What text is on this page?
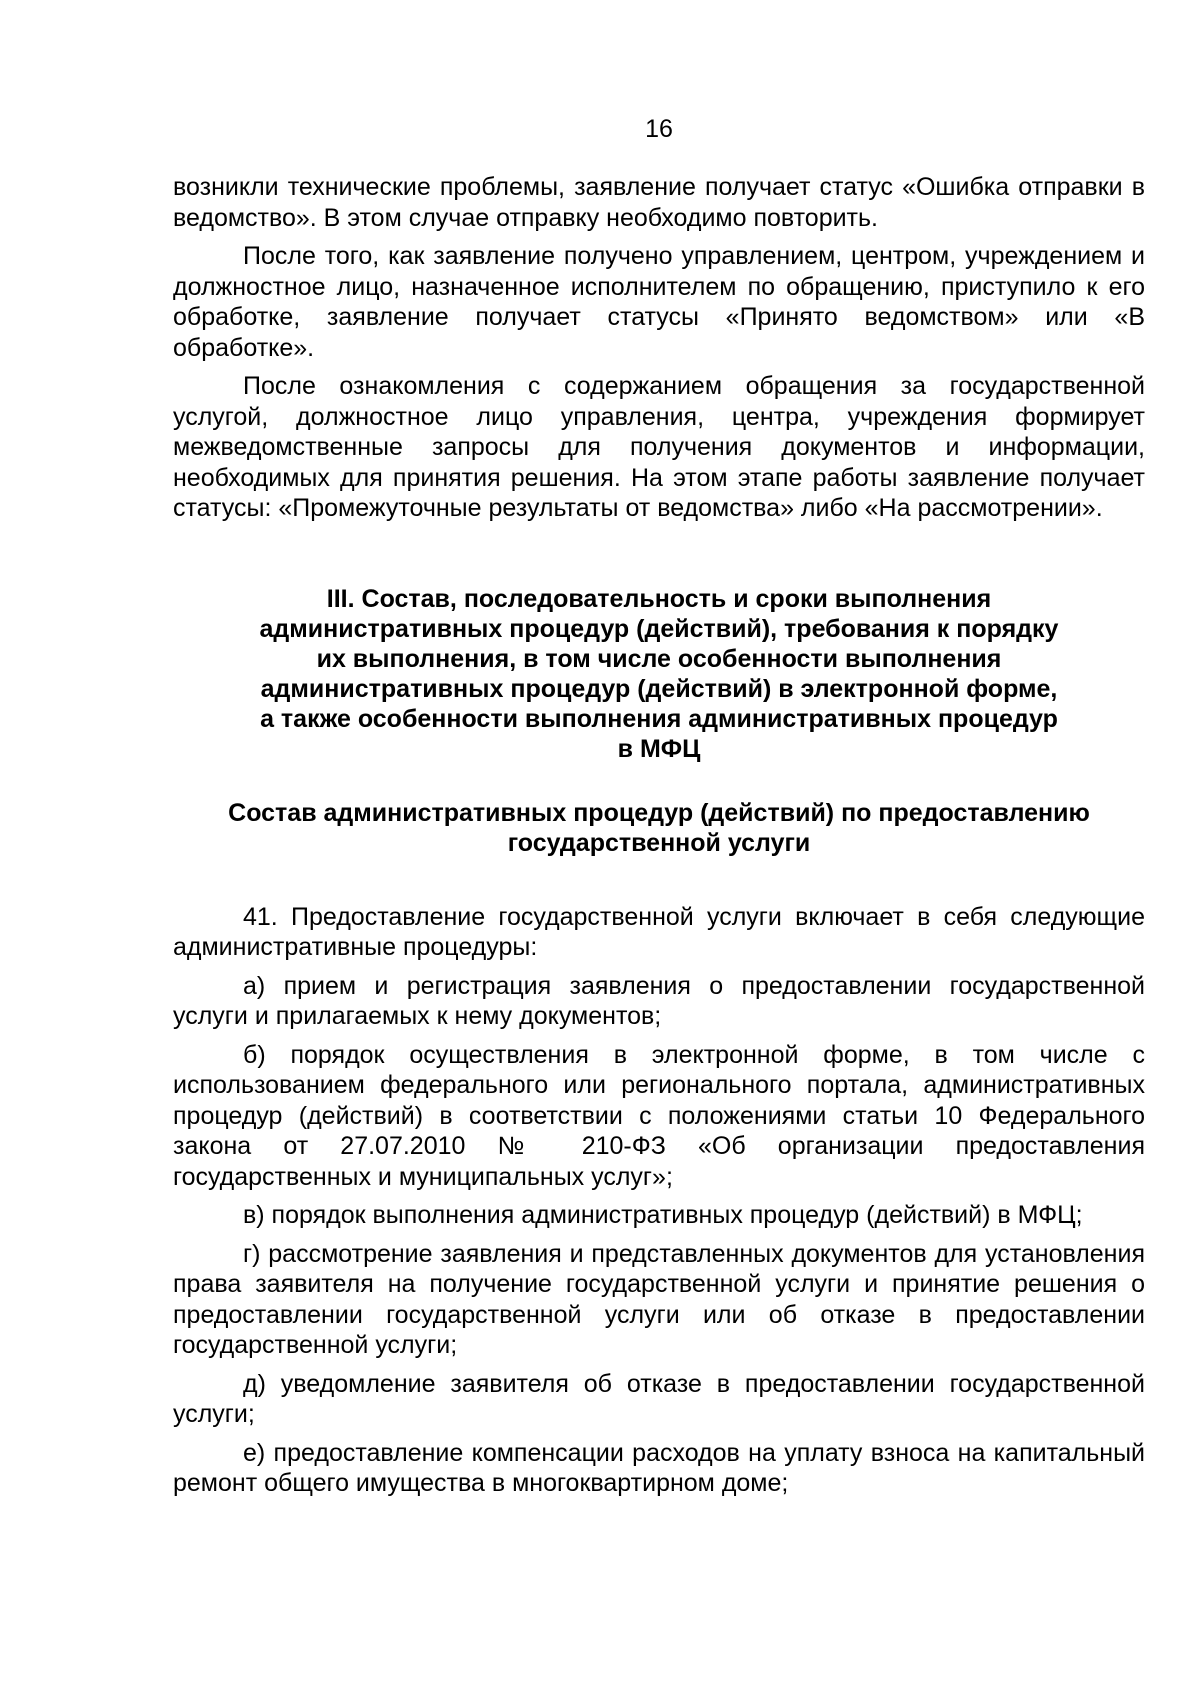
16

возникли технические проблемы, заявление получает статус «Ошибка отправки в ведомство». В этом случае отправку необходимо повторить.

После того, как заявление получено управлением, центром, учреждением и должностное лицо, назначенное исполнителем по обращению, приступило к его обработке, заявление получает статусы «Принято ведомством» или «В обработке».

После ознакомления с содержанием обращения за государственной услугой, должностное лицо управления, центра, учреждения формирует межведомственные запросы для получения документов и информации, необходимых для принятия решения. На этом этапе работы заявление получает статусы: «Промежуточные результаты от ведомства» либо «На рассмотрении».

III. Состав, последовательность и сроки выполнения

административных процедур (действий), требования к порядку

их выполнения, в том числе особенности выполнения

административных процедур (действий) в электронной форме,

а также особенности выполнения административных процедур

в МФЦ

Состав административных процедур (действий) по предоставлению

государственной услуги

41. Предоставление государственной услуги включает в себя следующие административные процедуры:

а) прием и регистрация заявления о предоставлении государственной услуги и прилагаемых к нему документов;

б) порядок осуществления в электронной форме, в том числе с использованием федерального или регионального портала, административных процедур (действий) в соответствии с положениями статьи 10 Федерального закона от 27.07.2010 № 210-ФЗ «Об организации предоставления государственных и муниципальных услуг»;

в) порядок выполнения административных процедур (действий) в МФЦ;

г) рассмотрение заявления и представленных документов для установления права заявителя на получение государственной услуги и принятие решения о предоставлении государственной услуги или об отказе в предоставлении государственной услуги;

д) уведомление заявителя об отказе в предоставлении государственной услуги;

е) предоставление компенсации расходов на уплату взноса на капитальный ремонт общего имущества в многоквартирном доме;
